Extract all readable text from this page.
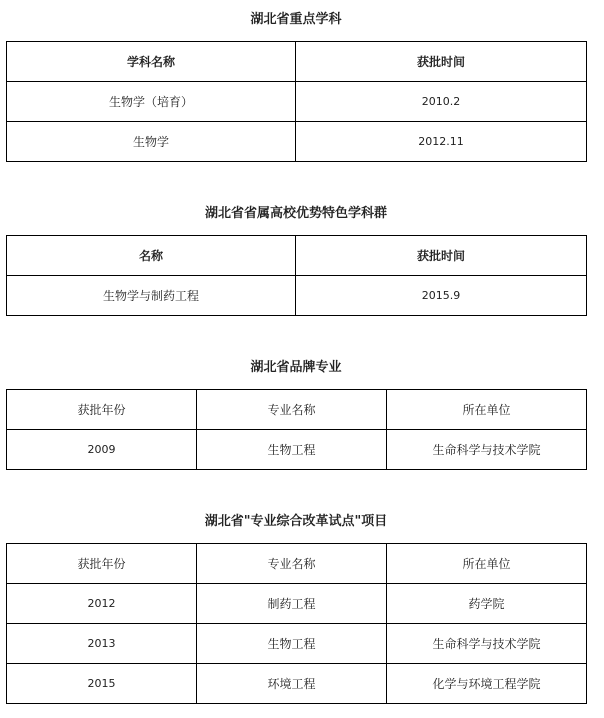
湖北省重点学科
学科名称	获批时间
生物学（培育）	2010.2
生物学	2012.11
湖北省省属高校优势特色学科群
名称	获批时间
生物学与制药工程	2015.9
湖北省品牌专业
获批年份	专业名称	所在单位
2009	生物工程	生命科学与技术学院
湖北省"专业综合改革试点"项目
获批年份	专业名称	所在单位
2012	制药工程	药学院
2013	生物工程	生命科学与技术学院
2015	环境工程	化学与环境工程学院
